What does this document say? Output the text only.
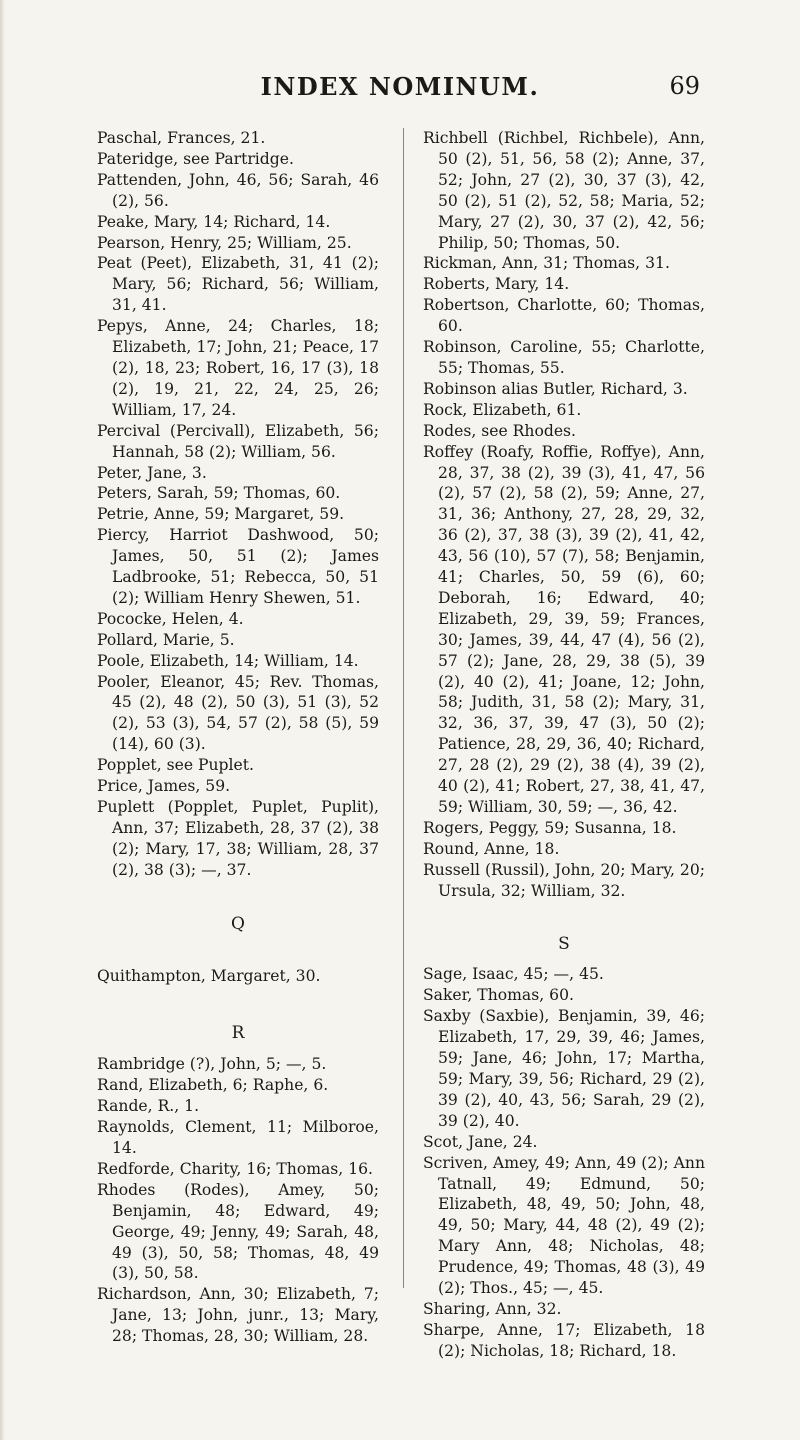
INDEX NOMINUM.	69

Paschal, Frances, 21.

Pateridge, see Partridge.

Pattenden, John, 46, 56; Sarah, 46 (2), 56.

Peake, Mary, 14; Richard, 14.

Pearson, Henry, 25; William, 25.

Peat (Peet), Elizabeth, 31, 41 (2); Mary, 56; Richard, 56; William, 31, 41.

Pepys, Anne, 24; Charles, 18; Elizabeth, 17; John, 21; Peace, 17 (2), 18, 23; Robert, 16, 17 (3), 18 (2), 19, 21, 22, 24, 25, 26; William, 17, 24.

Percival (Percivall), Elizabeth, 56; Hannah, 58 (2); William, 56.

Peter, Jane, 3.

Peters, Sarah, 59; Thomas, 60.

Petrie, Anne, 59; Margaret, 59.

Piercy, Harriot Dashwood, 50; James, 50, 51 (2); James Ladbrooke, 51; Rebecca, 50, 51 (2); William Henry Shewen, 51.

Pococke, Helen, 4.

Pollard, Marie, 5.

Poole, Elizabeth, 14; William, 14.

Pooler, Eleanor, 45; Rev. Thomas, 45 (2), 48 (2), 50 (3), 51 (3), 52 (2), 53 (3), 54, 57 (2), 58 (5), 59 (14), 60 (3).

Popplet, see Puplet.

Price, James, 59.

Puplett (Popplet, Puplet, Puplit), Ann, 37; Elizabeth, 28, 37 (2), 38 (2); Mary, 17, 38; William, 28, 37 (2), 38 (3); —, 37.

Q

Quithampton, Margaret, 30.

R

Rambridge (?), John, 5; —, 5.

Rand, Elizabeth, 6; Raphe, 6.

Rande, R., 1.

Raynolds, Clement, 11; Milboroe, 14.

Redforde, Charity, 16; Thomas, 16.

Rhodes (Rodes), Amey, 50; Benjamin, 48; Edward, 49; George, 49; Jenny, 49; Sarah, 48, 49 (3), 50, 58; Thomas, 48, 49 (3), 50, 58.

Richardson, Ann, 30; Elizabeth, 7; Jane, 13; John, junr., 13; Mary, 28; Thomas, 28, 30; William, 28.

Richbell (Richbel, Richbele), Ann, 50 (2), 51, 56, 58 (2); Anne, 37, 52; John, 27 (2), 30, 37 (3), 42, 50 (2), 51 (2), 52, 58; Maria, 52; Mary, 27 (2), 30, 37 (2), 42, 56; Philip, 50; Thomas, 50.

Rickman, Ann, 31; Thomas, 31.

Roberts, Mary, 14.

Robertson, Charlotte, 60; Thomas, 60.

Robinson, Caroline, 55; Charlotte, 55; Thomas, 55.

Robinson alias Butler, Richard, 3.

Rock, Elizabeth, 61.

Rodes, see Rhodes.

Roffey (Roafy, Roffie, Roffye), Ann, 28, 37, 38 (2), 39 (3), 41, 47, 56 (2), 57 (2), 58 (2), 59; Anne, 27, 31, 36; Anthony, 27, 28, 29, 32, 36 (2), 37, 38 (3), 39 (2), 41, 42, 43, 56 (10), 57 (7), 58; Benjamin, 41; Charles, 50, 59 (6), 60; Deborah, 16; Edward, 40; Elizabeth, 29, 39, 59; Frances, 30; James, 39, 44, 47 (4), 56 (2), 57 (2); Jane, 28, 29, 38 (5), 39 (2), 40 (2), 41; Joane, 12; John, 58; Judith, 31, 58 (2); Mary, 31, 32, 36, 37, 39, 47 (3), 50 (2); Patience, 28, 29, 36, 40; Richard, 27, 28 (2), 29 (2), 38 (4), 39 (2), 40 (2), 41; Robert, 27, 38, 41, 47, 59; William, 30, 59; —, 36, 42.

Rogers, Peggy, 59; Susanna, 18.

Round, Anne, 18.

Russell (Russil), John, 20; Mary, 20; Ursula, 32; William, 32.

S

Sage, Isaac, 45; —, 45.

Saker, Thomas, 60.

Saxby (Saxbie), Benjamin, 39, 46; Elizabeth, 17, 29, 39, 46; James, 59; Jane, 46; John, 17; Martha, 59; Mary, 39, 56; Richard, 29 (2), 39 (2), 40, 43, 56; Sarah, 29 (2), 39 (2), 40.

Scot, Jane, 24.

Scriven, Amey, 49; Ann, 49 (2); Ann Tatnall, 49; Edmund, 50; Elizabeth, 48, 49, 50; John, 48, 49, 50; Mary, 44, 48 (2), 49 (2); Mary Ann, 48; Nicholas, 48; Prudence, 49; Thomas, 48 (3), 49 (2); Thos., 45; —, 45.

Sharing, Ann, 32.

Sharpe, Anne, 17; Elizabeth, 18 (2); Nicholas, 18; Richard, 18.
